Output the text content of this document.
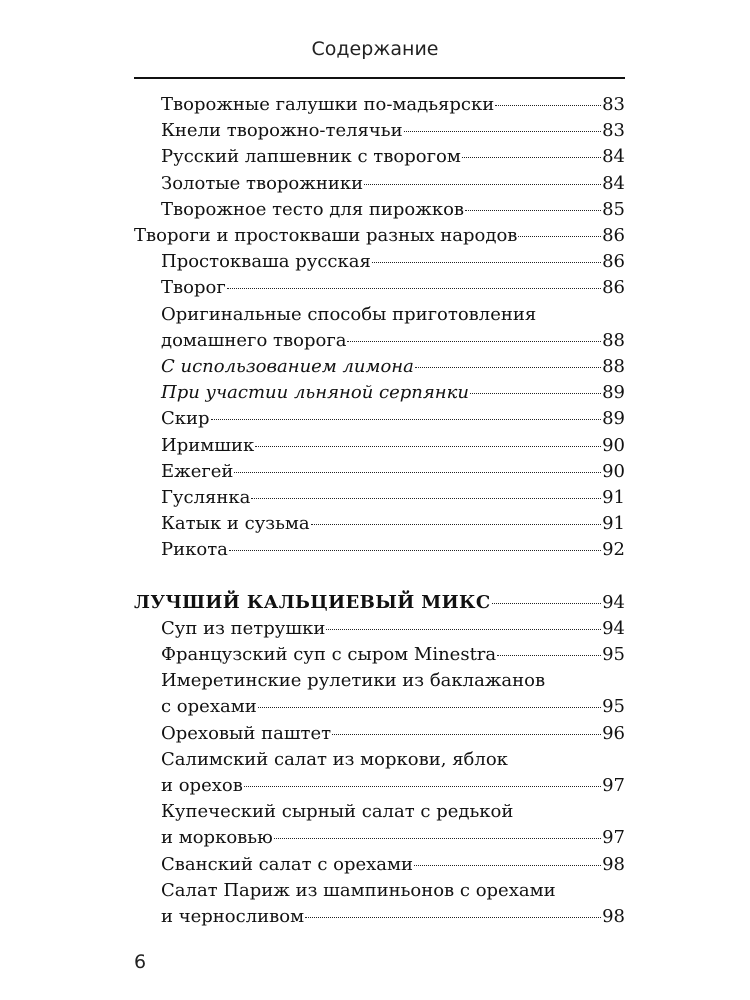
Содержание
Творожные галушки по-мадьярски	83
Кнели творожно-телячьи	83
Русский лапшевник с творогом	84
Золотые творожники	84
Творожное тесто для пирожков	85
Твороги и простокваши разных народов	86
Простокваша русская	86
Творог	86
Оригинальные способы приготовления
домашнего творога	88
С использованием лимона	88
При участии льняной серпянки	89
Скир	89
Иримшик	90
Ежегей	90
Гуслянка	91
Катык и сузьма	91
Рикота	92
ЛУЧШИЙ КАЛЬЦИЕВЫЙ МИКС	94
Суп из петрушки	94
Французский суп с сыром Minestra	95
Имеретинские рулетики из баклажанов
с орехами	95
Ореховый паштет	96
Салимский салат из моркови, яблок
и орехов	97
Купеческий сырный салат с редькой
и морковью	97
Сванский салат с орехами	98
Салат Париж из шампиньонов с орехами
и черносливом	98
6
